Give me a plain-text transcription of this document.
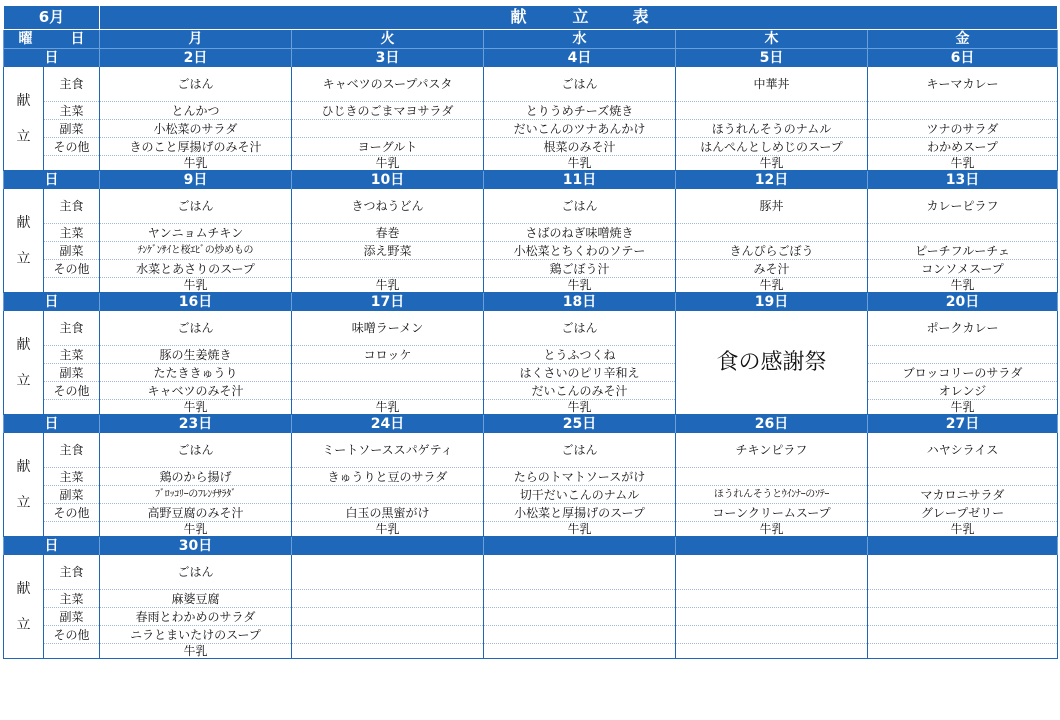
6月		献 立 表				
曜 日		月	火	水	木	金
日		2日	3日	4日	5日	6日

献
立	主食	ごはん	キャベツのスープパスタ	ごはん	中華丼	キーマカレー
	主菜	とんかつ	ひじきのごまマヨサラダ	とりうめチーズ焼き		
	副菜	小松菜のサラダ		だいこんのツナあんかけ	ほうれんそうのナムル	ツナのサラダ
	その他	きのこと厚揚げのみそ汁	ヨーグルト	根菜のみそ汁	はんぺんとしめじのスープ	わかめスープ
		牛乳	牛乳	牛乳	牛乳	牛乳
日		9日	10日	11日	12日	13日

献
立	主食	ごはん	きつねうどん	ごはん	豚丼	カレーピラフ
	主菜	ヤンニョムチキン	春巻	さばのねぎ味噌焼き		
	副菜	ﾁﾝｹﾞﾝｻｲと桜ｴﾋﾞの炒めもの	添え野菜	小松菜とちくわのソテー	きんぴらごぼう	ピーチフルーチェ
	その他	水菜とあさりのスープ		鶏ごぼう汁	みそ汁	コンソメスープ
		牛乳	牛乳	牛乳	牛乳	牛乳
日		16日	17日	18日	19日	20日

献
立	主食	ごはん	味噌ラーメン	ごはん	食の感謝祭	ポークカレー
	主菜	豚の生姜焼き	コロッケ	とうふつくね		
	副菜	たたききゅうり		はくさいのピリ辛和え		ブロッコリーのサラダ
	その他	キャベツのみそ汁		だいこんのみそ汁		オレンジ
		牛乳	牛乳	牛乳		牛乳
日		23日	24日	25日	26日	27日

献
立	主食	ごはん	ミートソーススパゲティ	ごはん	チキンピラフ	ハヤシライス
	主菜	鶏のから揚げ	きゅうりと豆のサラダ	たらのトマトソースがけ		
	副菜	ﾌﾞﾛｯｺﾘｰのﾌﾚﾝﾁｻﾗﾀﾞ		切干だいこんのナムル	ほうれんそうとｳｲﾝﾅｰのｿﾃｰ	マカロニサラダ
	その他	高野豆腐のみそ汁	白玉の黒蜜がけ	小松菜と厚揚げのスープ	コーンクリームスープ	グレープゼリー
		牛乳	牛乳	牛乳	牛乳	牛乳
日		30日				

献
立	主食	ごはん				
	主菜	麻婆豆腐				
	副菜	春雨とわかめのサラダ				
	その他	ニラとまいたけのスープ				
		牛乳				
